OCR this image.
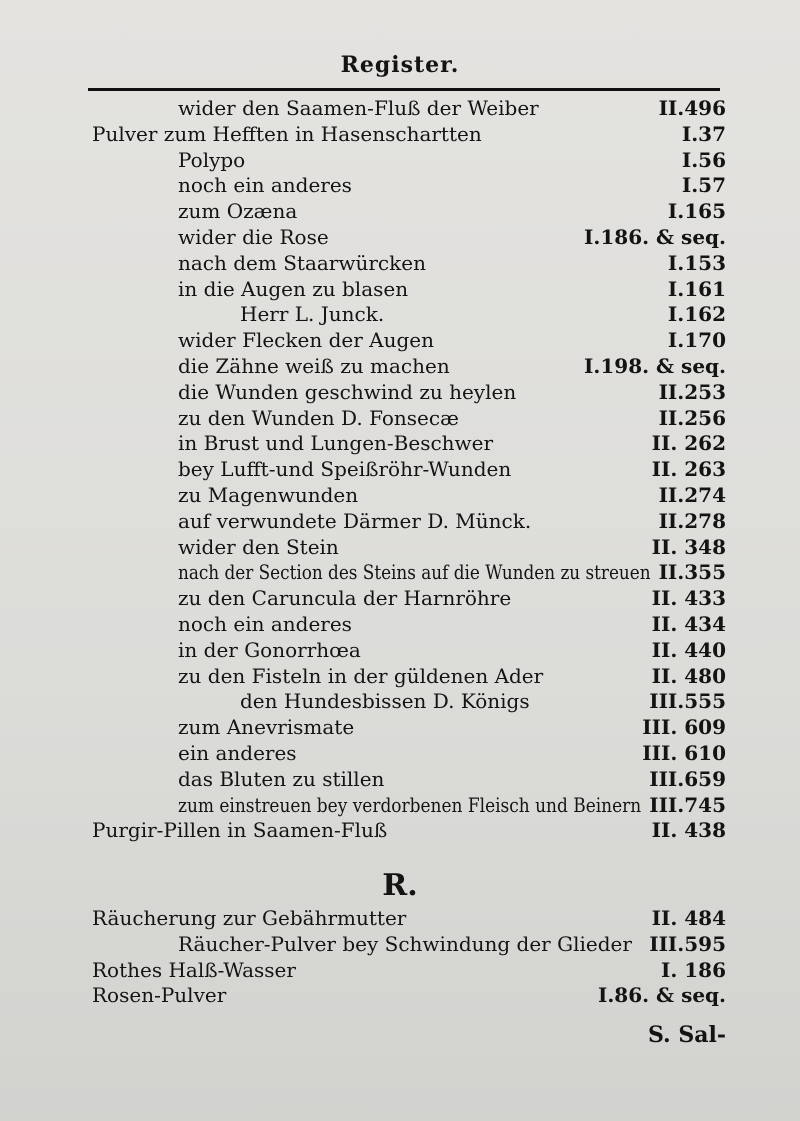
Register.
wider den Saamen-Fluß der Weiber	II.496
Pulver zum Hefften in Hasenschartten	I.37
Polypo	I.56
noch ein anderes	I.57
zum Ozæna	I.165
wider die Rose	I.186. & seq.
nach dem Staarwürcken	I.153
in die Augen zu blasen	I.161
Herr L. Junck.	I.162
wider Flecken der Augen	I.170
die Zähne weiß zu machen	I.198. & seq.
die Wunden geschwind zu heylen	II.253
zu den Wunden D. Fonsecæ	II.256
in Brust und Lungen-Beschwer	II. 262
bey Lufft-und Speißröhr-Wunden	II. 263
zu Magenwunden	II.274
auf verwundete Därmer D. Münck.	II.278
wider den Stein	II. 348
nach der Section des Steins auf die Wunden zu streuen II.355
zu den Caruncula der Harnröhre	II. 433
noch ein anderes	II. 434
in der Gonorrhœa	II. 440
zu den Fisteln in der güldenen Ader	II. 480
den Hundesbissen D. Königs	III.555
zum Anevrismate	III. 609
ein anderes	III. 610
das Bluten zu stillen	III.659
zum einstreuen bey verdorbenen Fleisch und Beinern III.745
Purgir-Pillen in Saamen-Fluß	II. 438
R.
Räucherung zur Gebährmutter	II. 484
Räucher-Pulver bey Schwindung der Glieder III.595
Rothes Halß-Wasser	I. 186
Rosen-Pulver	I.86. & seq.
S. Sal-
